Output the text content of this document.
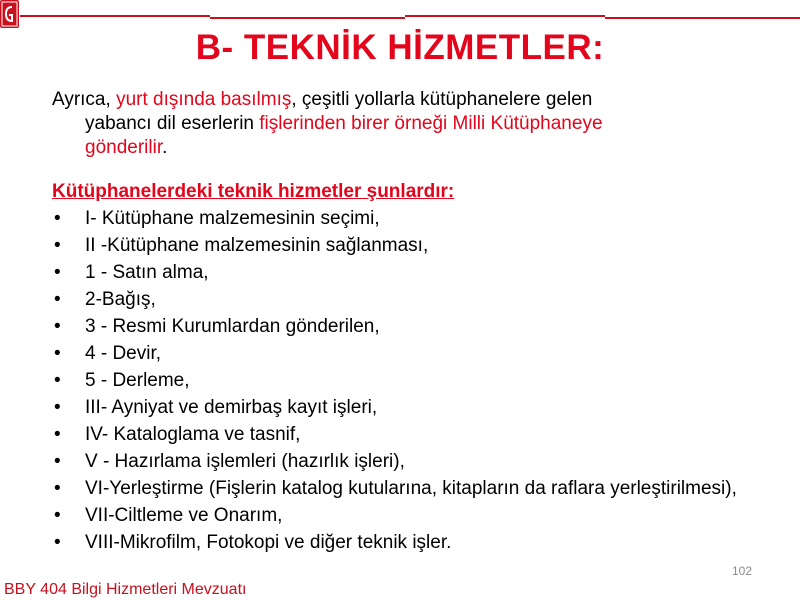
B- TEKNİK HİZMETLER:
Ayrıca, yurt dışında basılmış, çeşitli yollarla kütüphanelere gelen
yabancı dil eserlerin fişlerinden birer örneği Milli Kütüphaneye
gönderilir.
Kütüphanelerdeki teknik hizmetler şunlardır:
• I- Kütüphane malzemesinin seçimi,
• II -Kütüphane malzemesinin sağlanması,
• 1 - Satın alma,
• 2-Bağış,
• 3 - Resmi Kurumlardan gönderilen,
• 4 - Devir,
• 5 - Derleme,
• III- Ayniyat ve demirbaş kayıt işleri,
• IV- Kataloglama ve tasnif,
• V - Hazırlama işlemleri (hazırlık işleri),
• VI-Yerleştirme (Fişlerin katalog kutularına, kitapların da raflara yerleştirilmesi),
• VII-Ciltleme ve Onarım,
• VIII-Mikrofilm, Fotokopi ve diğer teknik işler.
102
BBY 404 Bilgi Hizmetleri Mevzuatı
